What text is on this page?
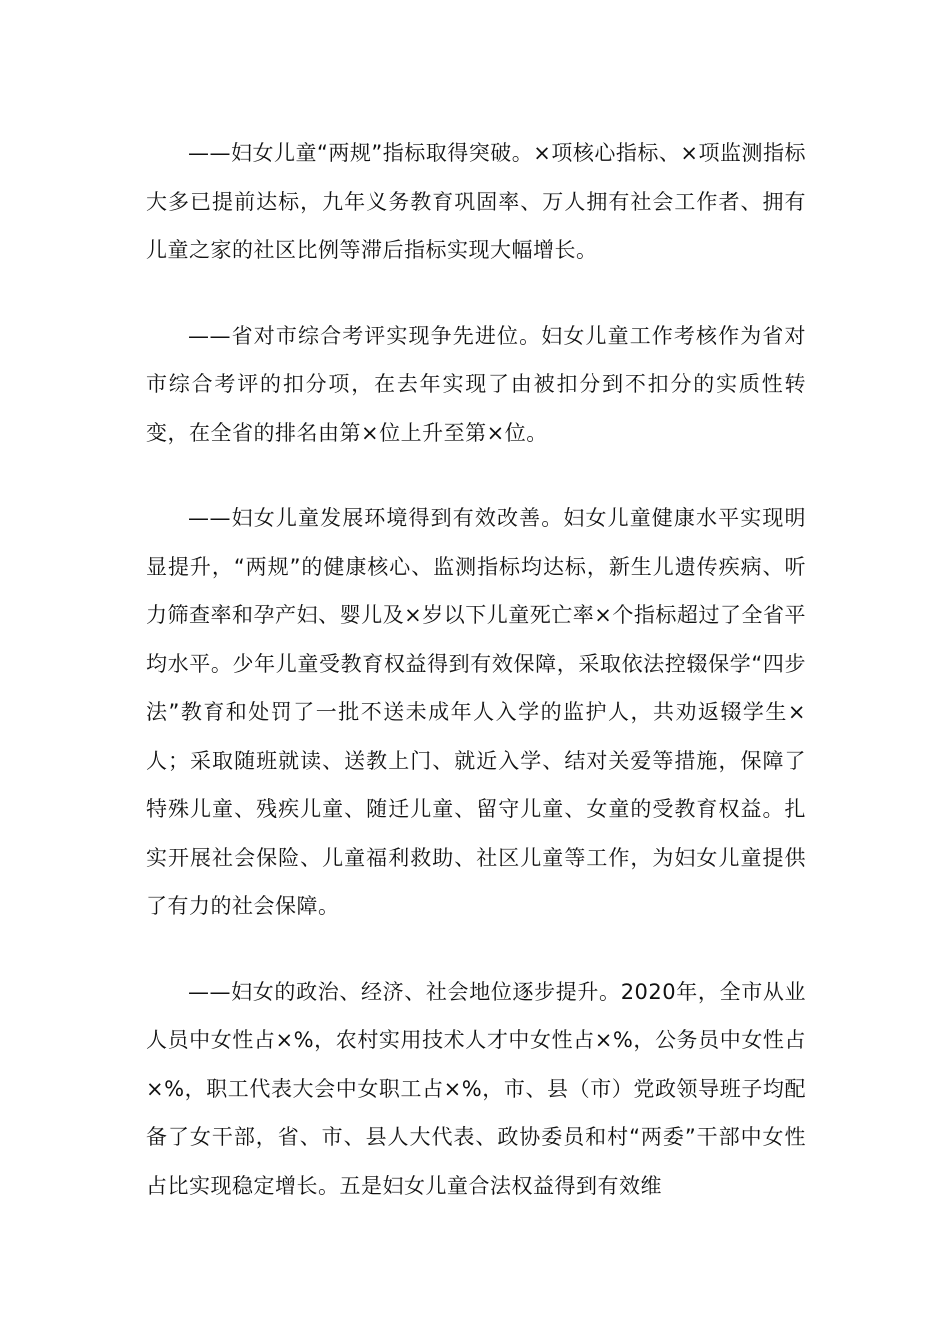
——妇女儿童“两规”指标取得突破。×项核心指标、×项监测指标大多已提前达标，九年义务教育巩固率、万人拥有社会工作者、拥有儿童之家的社区比例等滞后指标实现大幅增长。

——省对市综合考评实现争先进位。妇女儿童工作考核作为省对市综合考评的扣分项，在去年实现了由被扣分到不扣分的实质性转变，在全省的排名由第×位上升至第×位。

——妇女儿童发展环境得到有效改善。妇女儿童健康水平实现明显提升，“两规”的健康核心、监测指标均达标，新生儿遗传疾病、听力筛查率和孕产妇、婴儿及×岁以下儿童死亡率×个指标超过了全省平均水平。少年儿童受教育权益得到有效保障，采取依法控辍保学“四步法”教育和处罚了一批不送未成年人入学的监护人，共劝返辍学生×人；采取随班就读、送教上门、就近入学、结对关爱等措施，保障了特殊儿童、残疾儿童、随迁儿童、留守儿童、女童的受教育权益。扎实开展社会保险、儿童福利救助、社区儿童等工作，为妇女儿童提供了有力的社会保障。

——妇女的政治、经济、社会地位逐步提升。2020年，全市从业人员中女性占×%，农村实用技术人才中女性占×%，公务员中女性占×%，职工代表大会中女职工占×%，市、县（市）党政领导班子均配备了女干部，省、市、县人大代表、政协委员和村“两委”干部中女性占比实现稳定增长。五是妇女儿童合法权益得到有效维
